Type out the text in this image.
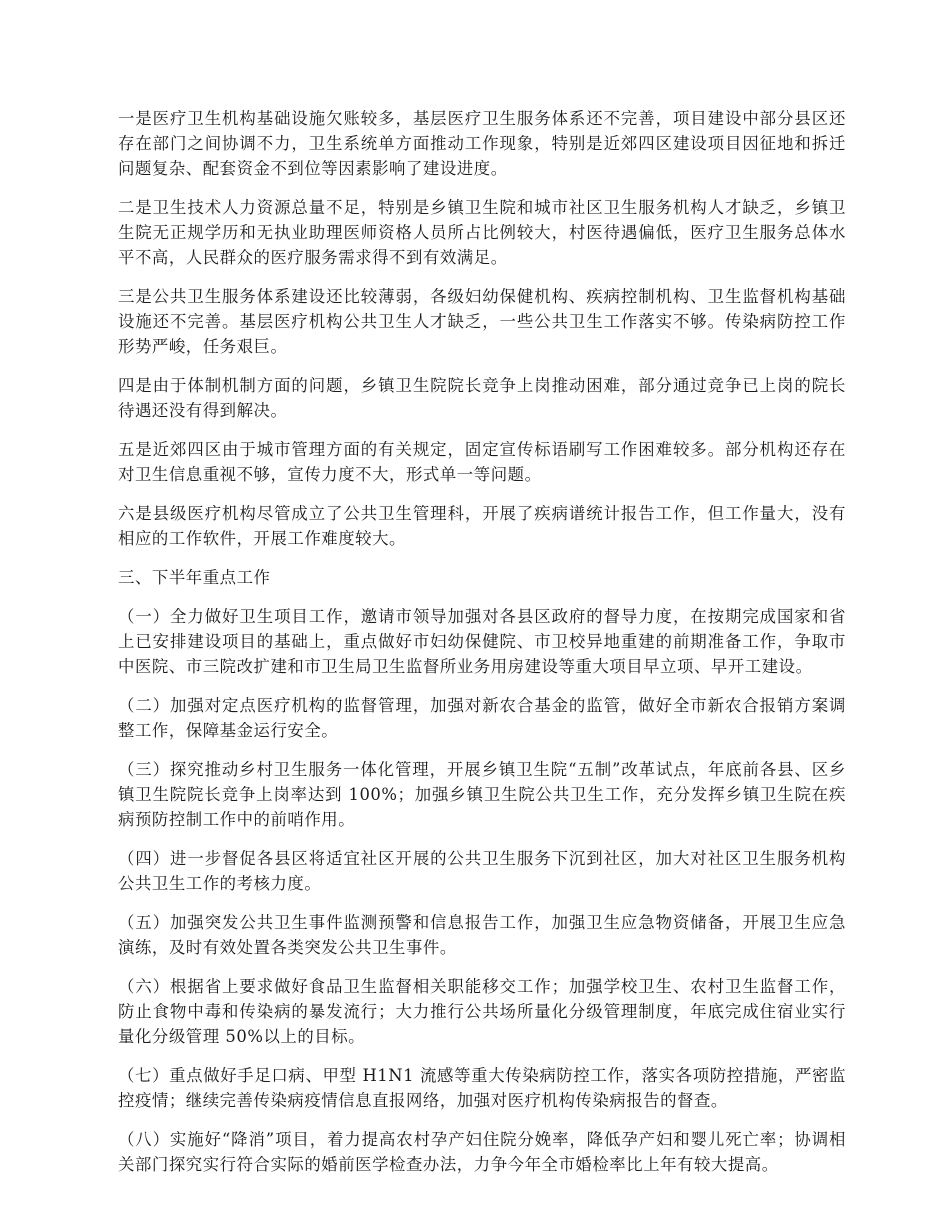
一是医疗卫生机构基础设施欠账较多，基层医疗卫生服务体系还不完善，项目建设中部分县区还存在部门之间协调不力，卫生系统单方面推动工作现象，特别是近郊四区建设项目因征地和拆迁问题复杂、配套资金不到位等因素影响了建设进度。

二是卫生技术人力资源总量不足，特别是乡镇卫生院和城市社区卫生服务机构人才缺乏，乡镇卫生院无正规学历和无执业助理医师资格人员所占比例较大，村医待遇偏低，医疗卫生服务总体水平不高，人民群众的医疗服务需求得不到有效满足。

三是公共卫生服务体系建设还比较薄弱，各级妇幼保健机构、疾病控制机构、卫生监督机构基础设施还不完善。基层医疗机构公共卫生人才缺乏，一些公共卫生工作落实不够。传染病防控工作形势严峻，任务艰巨。

四是由于体制机制方面的问题，乡镇卫生院院长竞争上岗推动困难，部分通过竞争已上岗的院长待遇还没有得到解决。

五是近郊四区由于城市管理方面的有关规定，固定宣传标语刷写工作困难较多。部分机构还存在对卫生信息重视不够，宣传力度不大，形式单一等问题。

六是县级医疗机构尽管成立了公共卫生管理科，开展了疾病谱统计报告工作，但工作量大，没有相应的工作软件，开展工作难度较大。

三、下半年重点工作

（一）全力做好卫生项目工作，邀请市领导加强对各县区政府的督导力度，在按期完成国家和省上已安排建设项目的基础上，重点做好市妇幼保健院、市卫校异地重建的前期准备工作，争取市中医院、市三院改扩建和市卫生局卫生监督所业务用房建设等重大项目早立项、早开工建设。

（二）加强对定点医疗机构的监督管理，加强对新农合基金的监管，做好全市新农合报销方案调整工作，保障基金运行安全。

（三）探究推动乡村卫生服务一体化管理，开展乡镇卫生院“五制”改革试点，年底前各县、区乡镇卫生院院长竞争上岗率达到 100%；加强乡镇卫生院公共卫生工作，充分发挥乡镇卫生院在疾病预防控制工作中的前哨作用。

（四）进一步督促各县区将适宜社区开展的公共卫生服务下沉到社区，加大对社区卫生服务机构公共卫生工作的考核力度。

（五）加强突发公共卫生事件监测预警和信息报告工作，加强卫生应急物资储备，开展卫生应急演练，及时有效处置各类突发公共卫生事件。

（六）根据省上要求做好食品卫生监督相关职能移交工作；加强学校卫生、农村卫生监督工作，防止食物中毒和传染病的暴发流行；大力推行公共场所量化分级管理制度，年底完成住宿业实行量化分级管理 50%以上的目标。

（七）重点做好手足口病、甲型 H1N1 流感等重大传染病防控工作，落实各项防控措施，严密监控疫情；继续完善传染病疫情信息直报网络，加强对医疗机构传染病报告的督查。

（八）实施好“降消”项目，着力提高农村孕产妇住院分娩率，降低孕产妇和婴儿死亡率；协调相关部门探究实行符合实际的婚前医学检查办法，力争今年全市婚检率比上年有较大提高。
